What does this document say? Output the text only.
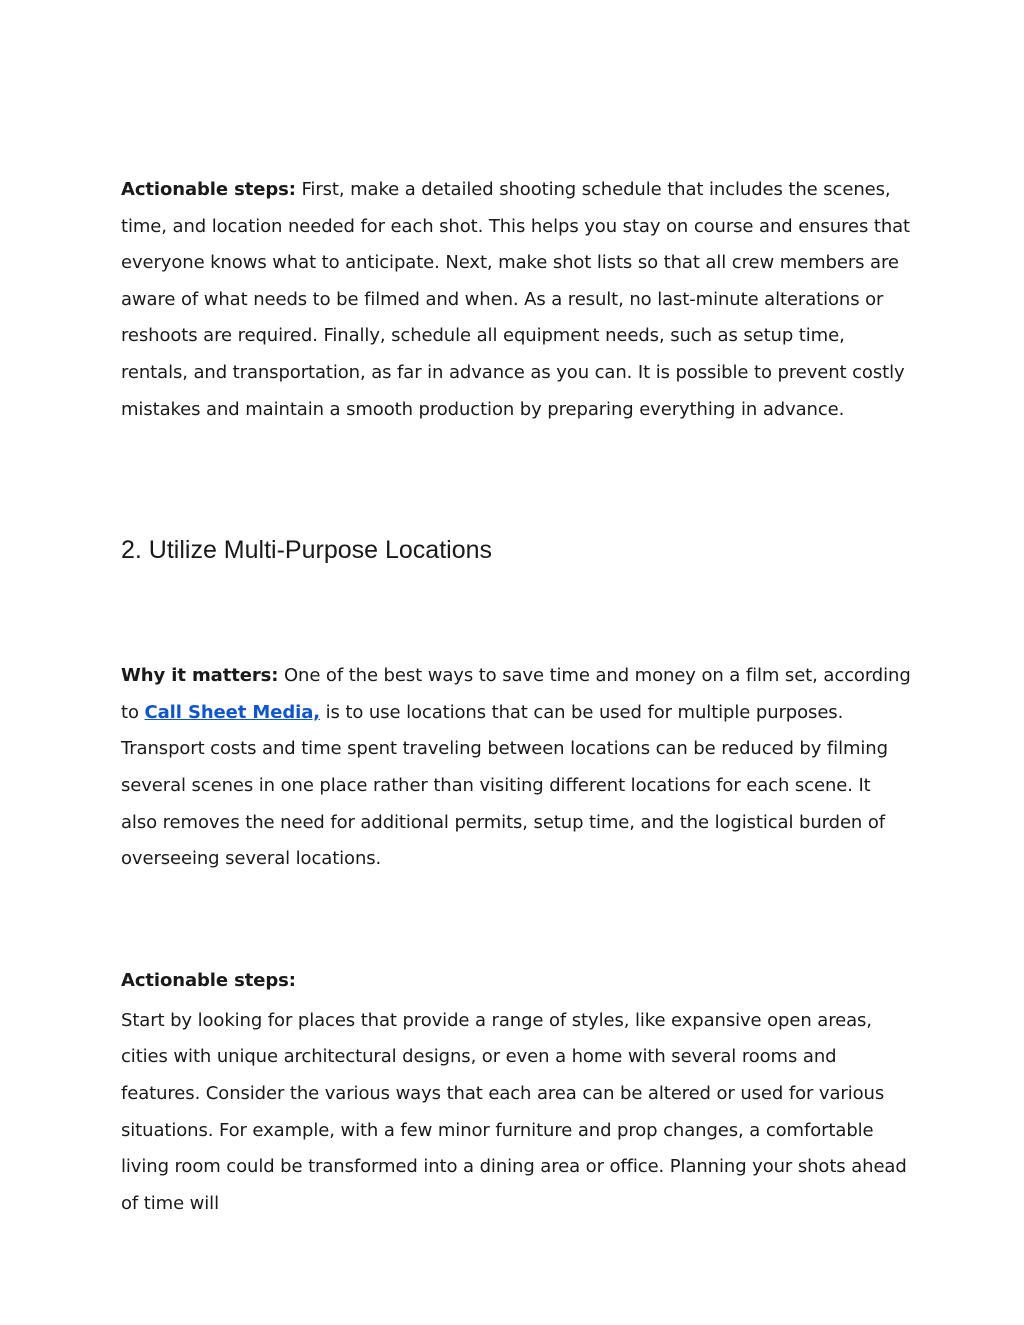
Actionable steps: First, make a detailed shooting schedule that includes the scenes, time, and location needed for each shot. This helps you stay on course and ensures that everyone knows what to anticipate. Next, make shot lists so that all crew members are aware of what needs to be filmed and when. As a result, no last-minute alterations or reshoots are required. Finally, schedule all equipment needs, such as setup time, rentals, and transportation, as far in advance as you can. It is possible to prevent costly mistakes and maintain a smooth production by preparing everything in advance.

2. Utilize Multi-Purpose Locations

Why it matters: One of the best ways to save time and money on a film set, according to Call Sheet Media, is to use locations that can be used for multiple purposes. Transport costs and time spent traveling between locations can be reduced by filming several scenes in one place rather than visiting different locations for each scene. It also removes the need for additional permits, setup time, and the logistical burden of overseeing several locations.

Actionable steps:

Start by looking for places that provide a range of styles, like expansive open areas, cities with unique architectural designs, or even a home with several rooms and features. Consider the various ways that each area can be altered or used for various situations. For example, with a few minor furniture and prop changes, a comfortable living room could be transformed into a dining area or office. Planning your shots ahead of time will
